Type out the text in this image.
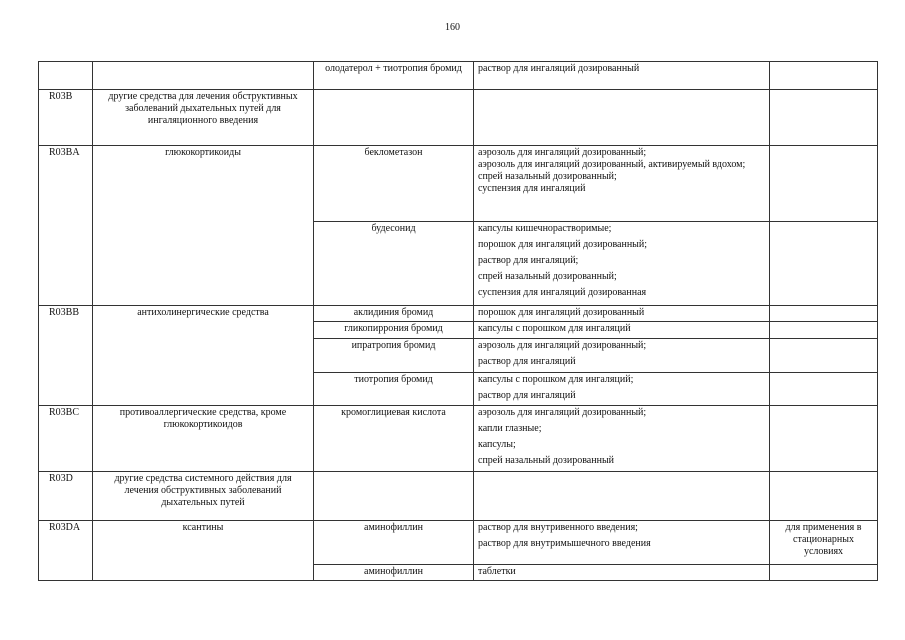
160
		олодатерол + тиотропия бромид	раствор для ингаляций дозированный	

R03B	другие средства для лечения обструктивных заболеваний дыхательных путей для ингаляционного введения			
R03BA	глюкокортикоиды	беклометазон	аэрозоль для ингаляций дозированный;

аэрозоль для ингаляций дозированный, активируемый вдохом;

спрей назальный дозированный;

суспензия для ингаляций	

		будесонид	капсулы кишечнорастворимые;

порошок для ингаляций дозированный;

раствор для ингаляций;

спрей назальный дозированный;

суспензия для ингаляций дозированная	

R03BB	антихолинергические средства	аклидиния бромид	порошок для ингаляций дозированный	

		гликопиррония бромид	капсулы с порошком для ингаляций	

		ипратропия бромид	аэрозоль для ингаляций дозированный;

раствор для ингаляций	

		тиотропия бромид	капсулы с порошком для ингаляций;

раствор для ингаляций	

R03BC	противоаллергические средства, кроме глюкокортикоидов	кромоглициевая кислота	аэрозоль для ингаляций дозированный;

капли глазные;

капсулы;

спрей назальный дозированный	

R03D	другие средства системного действия для лечения обструктивных заболеваний дыхательных путей			
R03DA	ксантины	аминофиллин	раствор для внутривенного введения;

раствор для внутримышечного введения	для применения в стационарных условиях
		аминофиллин	таблетки	
